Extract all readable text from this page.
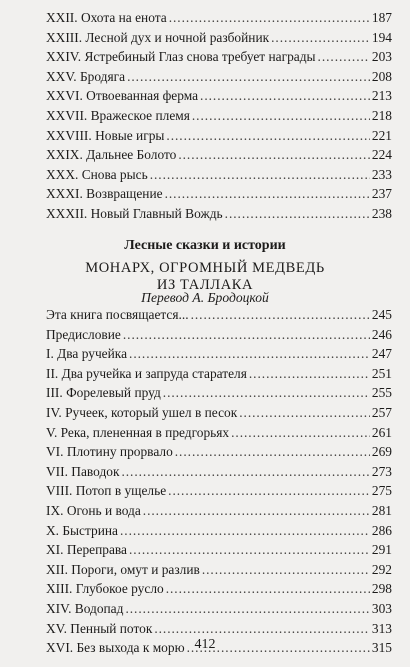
XXII. Охота на енота . . .	187
XXIII. Лесной дух и ночной разбойник . . .	194
XXIV. Ястребиный Глаз снова требует награды . . .	203
XXV. Бродяга . . .	208
XXVI. Отвоеванная ферма . . .	213
XXVII. Вражеское племя . . .	218
XXVIII. Новые игры . . .	221
XXIX. Дальнее Болото . . .	224
XXX. Снова рысь . . .	233
XXXI. Возвращение . . .	237
XXXII. Новый Главный Вождь . . .	238
Лесные сказки и истории
МОНАРХ, ОГРОМНЫЙ МЕДВЕДЬ
ИЗ ТАЛЛАКА
Перевод А. Бродоцкой
Эта книга посвящается... . . .	245
Предисловие . . .	246
I. Два ручейка . . .	247
II. Два ручейка и запруда старателя . . .	251
III. Форелевый пруд . . .	255
IV. Ручеек, который ушел в песок . . .	257
V. Река, плененная в предгорьях . . .	261
VI. Плотину прорвало . . .	269
VII. Паводок . . .	273
VIII. Потоп в ущелье . . .	275
IX. Огонь и вода . . .	281
X. Быстрина . . .	286
XI. Переправа . . .	291
XII. Пороги, омут и разлив . . .	292
XIII. Глубокое русло . . .	298
XIV. Водопад . . .	303
XV. Пенный поток . . .	313
XVI. Без выхода к морю . . .	315
412
